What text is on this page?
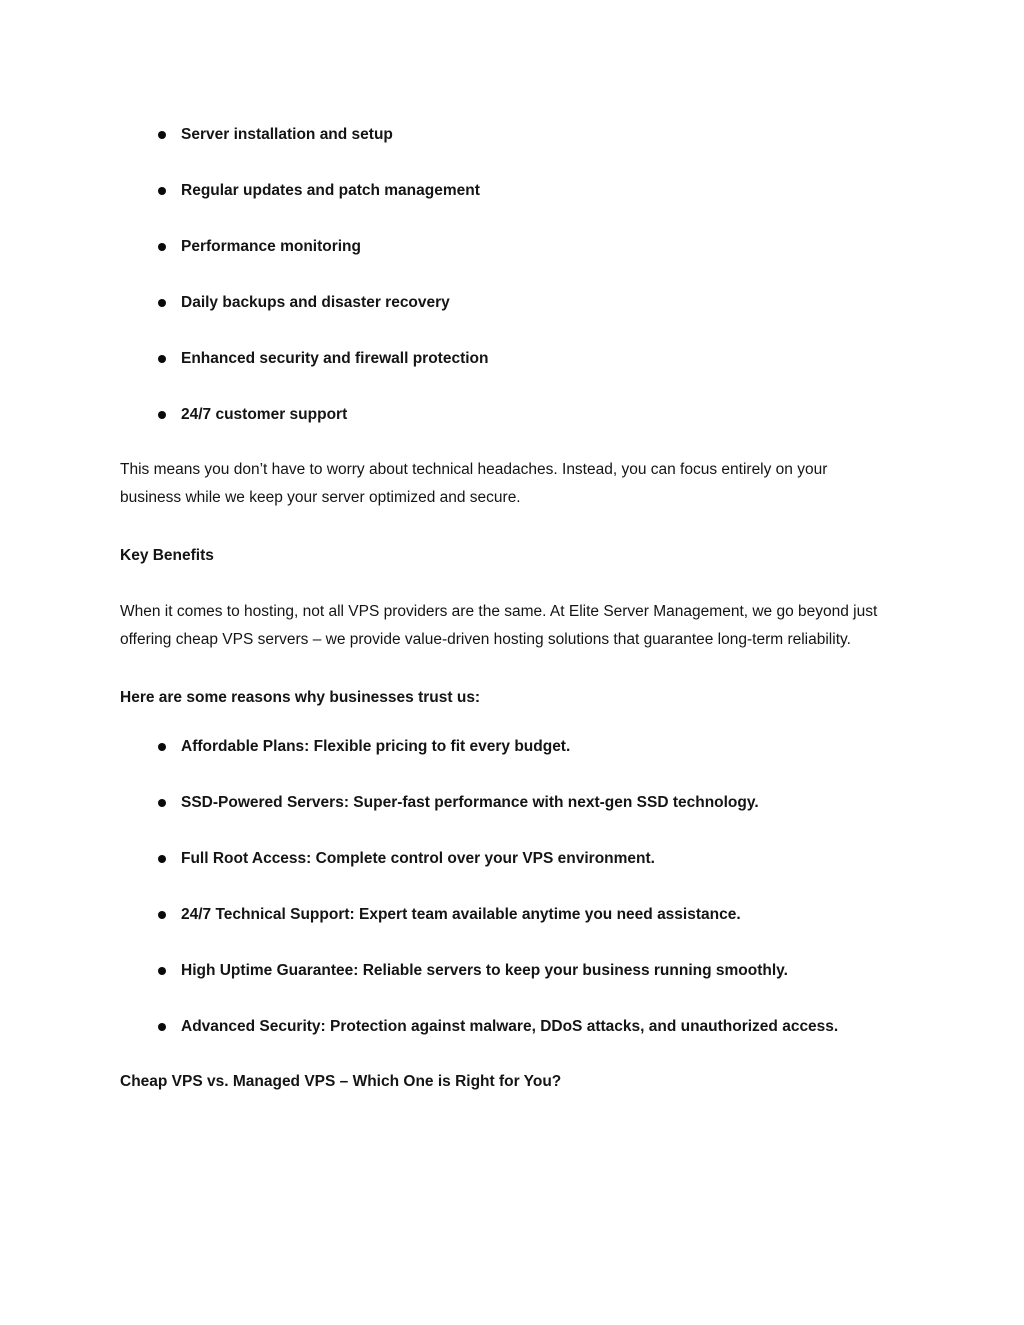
Server installation and setup
Regular updates and patch management
Performance monitoring
Daily backups and disaster recovery
Enhanced security and firewall protection
24/7 customer support

This means you don’t have to worry about technical headaches. Instead, you can focus entirely on your business while we keep your server optimized and secure.

Key Benefits

When it comes to hosting, not all VPS providers are the same. At Elite Server Management, we go beyond just offering cheap VPS servers – we provide value-driven hosting solutions that guarantee long-term reliability.

Here are some reasons why businesses trust us:

Affordable Plans: Flexible pricing to fit every budget.
SSD-Powered Servers: Super-fast performance with next-gen SSD technology.
Full Root Access: Complete control over your VPS environment.
24/7 Technical Support: Expert team available anytime you need assistance.
High Uptime Guarantee: Reliable servers to keep your business running smoothly.
Advanced Security: Protection against malware, DDoS attacks, and unauthorized access.
Cheap VPS vs. Managed VPS – Which One is Right for You?
